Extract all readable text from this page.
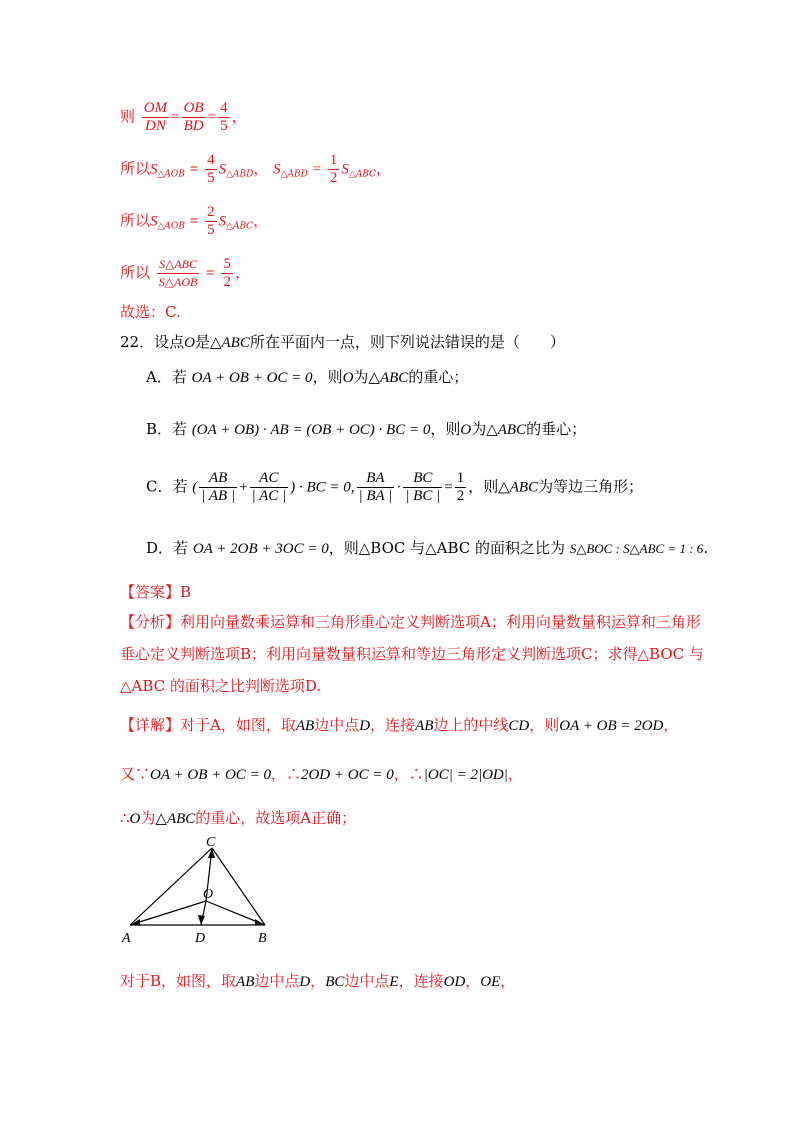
则 $\frac{OM}{DN} = \frac{OB}{BD} = \frac{4}{5}$ ，
所以$S_{\triangle AOB} = \frac{4}{5} S_{\triangle ABD}$， $S_{\triangle ABD} = \frac{1}{2} S_{\triangle ABC}$，
所以$S_{\triangle AOB} = \frac{2}{5} S_{\triangle ABC}$，
所以 $\frac{\text{S△ABC}}{\text{S△AOB}} = \frac{5}{2}$ ，
故选：C.
22．设点O是△ABC所在平面内一点，则下列说法错误的是（　　）
A．若 OA + OB + OC = 0，则O为△ABC的重心；
B．若 (OA + OB) · AB = (OB + OC) · BC = 0，则O为△ABC的垂心；
C．若 ( $\frac{AB}{| AB |} + \frac{AC}{| AC |}$ ) · BC = 0, $\frac{BA}{| BA |} \cdot \frac{BC}{| BC |} = \frac{1}{2}$ ，则△ABC为等边三角形；
D．若 OA + 2OB + 3OC = 0，则△BOC 与△ABC 的面积之比为 S△BOC : S△ABC = 1 : 6.
【答案】B
【分析】利用向量数乘运算和三角形重心定义判断选项A；利用向量数量积运算和三角形
垂心定义判断选项B；利用向量数量积运算和等边三角形定义判断选项C；求得△BOC 与
△ABC 的面积之比判断选项D.
【详解】对于A，如图，取AB边中点D，连接AB边上的中线CD，则OA + OB = 2OD，
又∵OA + OB + OC = 0，∴2OD + OC = 0，∴|OC| = 2|OD|，
∴O为△ABC的重心，故选项A正确；
C
O
A	D	B
对于B，如图，取AB边中点D，BC边中点E，连接OD，OE，
